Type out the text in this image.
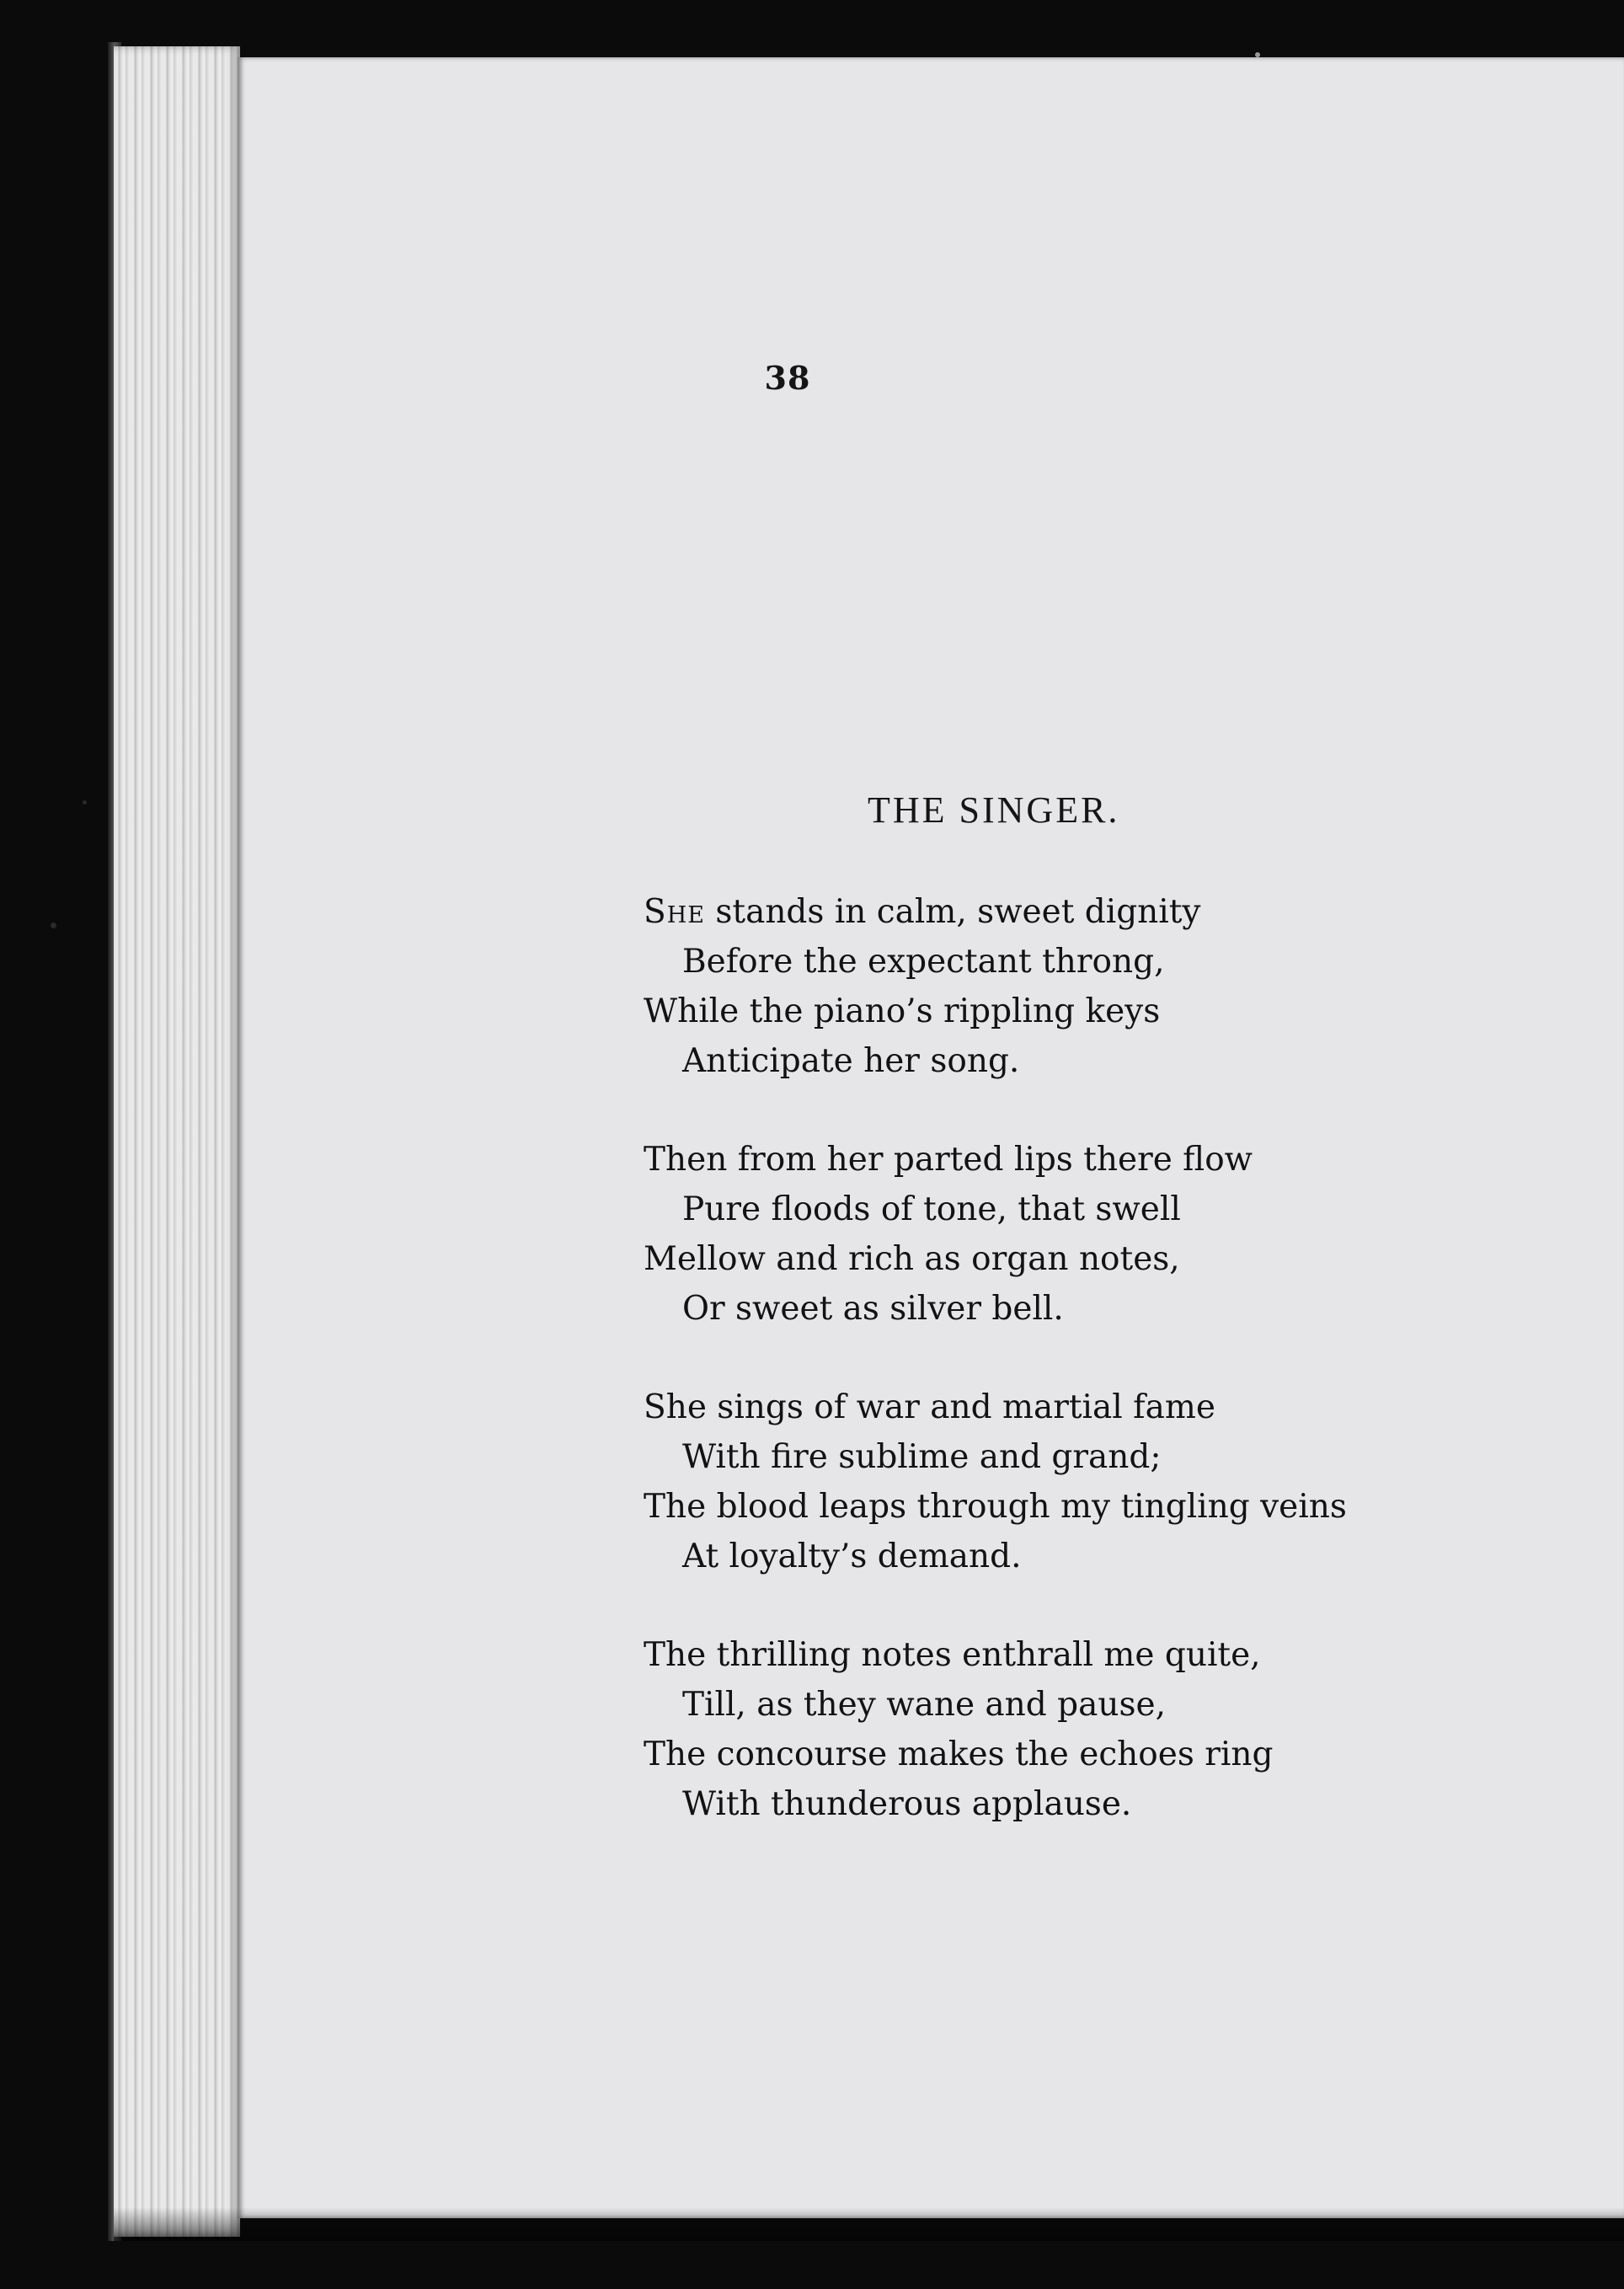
38
THE SINGER.
She stands in calm, sweet dignity
Before the expectant throng,
While the piano’s rippling keys
Anticipate her song.
Then from her parted lips there flow
Pure floods of tone, that swell
Mellow and rich as organ notes,
Or sweet as silver bell.
She sings of war and martial fame
With fire sublime and grand;
The blood leaps through my tingling veins
At loyalty’s demand.
The thrilling notes enthrall me quite,
Till, as they wane and pause,
The concourse makes the echoes ring
With thunderous applause.
